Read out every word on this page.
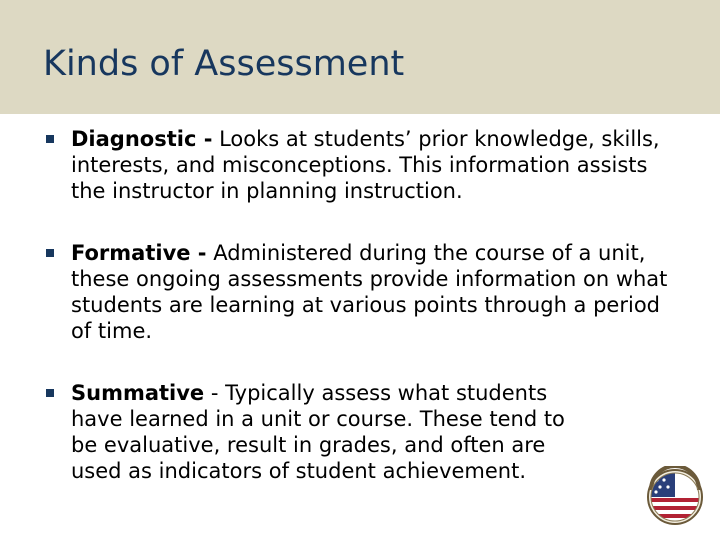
Kinds of Assessment
Diagnostic - Looks at students’ prior knowledge, skills, interests, and misconceptions. This information assists the instructor in planning instruction.
Formative - Administered during the course of a unit, these ongoing assessments provide information on what students are learning at various points through a period of time.
Summative - Typically assess what students have learned in a unit or course. These tend to be evaluative, result in grades, and often are used as indicators of student achievement.
